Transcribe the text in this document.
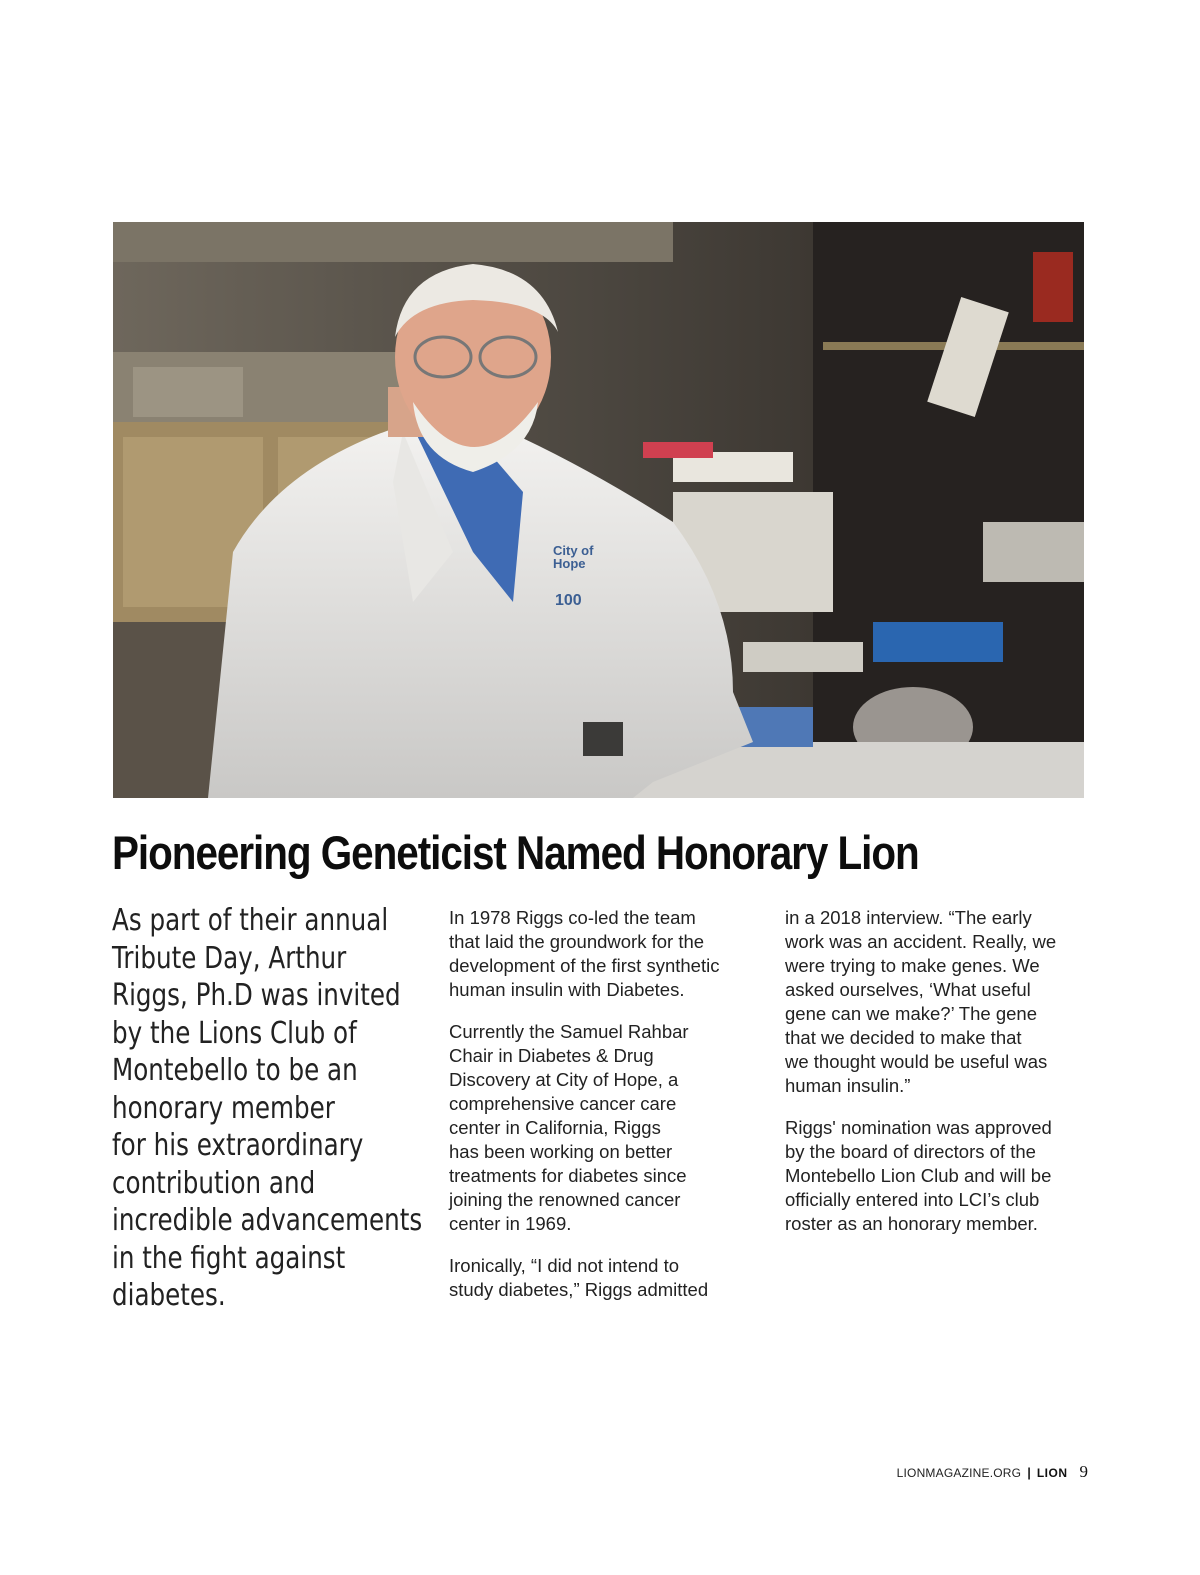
City of Hope
100
Pioneering Geneticist Named Honorary Lion
As part of their annual
Tribute Day, Arthur
Riggs, Ph.D was invited
by the Lions Club of
Montebello to be an
honorary member
for his extraordinary
contribution and
incredible advancements
in the fight against
diabetes.

In 1978 Riggs co-led the team
that laid the groundwork for the
development of the first synthetic
human insulin with Diabetes.

Currently the Samuel Rahbar
Chair in Diabetes & Drug
Discovery at City of Hope, a
comprehensive cancer care
center in California, Riggs
has been working on better
treatments for diabetes since
joining the renowned cancer
center in 1969.

Ironically, “I did not intend to
study diabetes,” Riggs admitted

in a 2018 interview. “The early
work was an accident. Really, we
were trying to make genes. We
asked ourselves, ‘What useful
gene can we make?’ The gene
that we decided to make that
we thought would be useful was
human insulin.”

Riggs' nomination was approved
by the board of directors of the
Montebello Lion Club and will be
officially entered into LCI’s club
roster as an honorary member.

LIONMAGAZINE.ORG | LION 9
